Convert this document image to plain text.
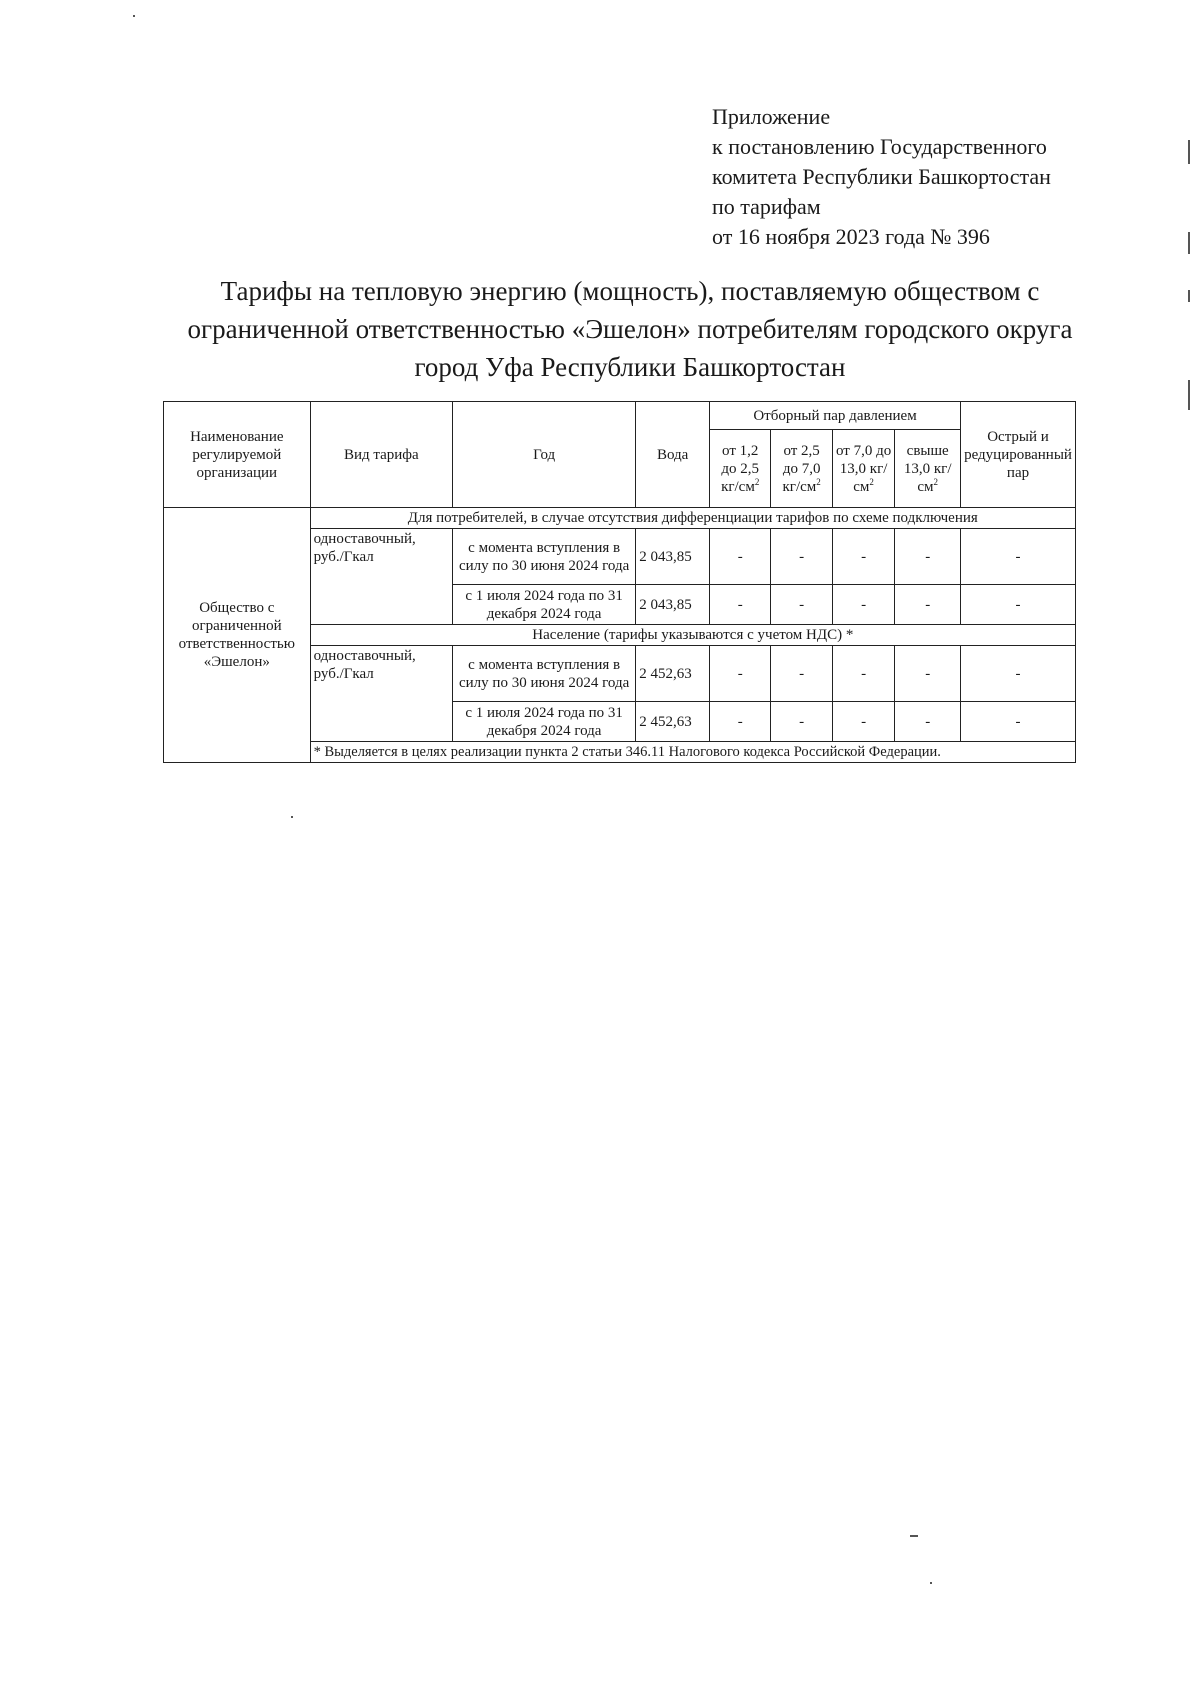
Приложение
к постановлению Государственного
комитета Республики Башкортостан
по тарифам
от 16 ноября 2023 года № 396
Тарифы на тепловую энергию (мощность), поставляемую обществом с
ограниченной ответственностью «Эшелон» потребителям городского округа
город Уфа Республики Башкортостан
Наименование регулируемой организации	Вид тарифа	Год	Вода	Отборный пар давлением				Острый и редуцированный пар
				от 1,2 до 2,5 $кг/см^2$	от 2,5 до 7,0 $кг/см^2$	от 7,0 до 13,0 $кг/см^2$	свыше 13,0 $кг/см^2$
Общество с ограниченной ответственностью «Эшелон»	Для потребителей, в случае отсутствия дифференциации тарифов по схеме подключения							
	одноставочный, руб./Гкал	с момента вступления в силу по 30 июня 2024 года	2 043,85	-	-	-	-	-
		с 1 июля 2024 года по 31 декабря 2024 года	2 043,85	-	-	-	-	-
	Население (тарифы указываются с учетом НДС) *							
	одноставочный, руб./Гкал	с момента вступления в силу по 30 июня 2024 года	2 452,63	-	-	-	-	-
		с 1 июля 2024 года по 31 декабря 2024 года	2 452,63	-	-	-	-	-
	* Выделяется в целях реализации пункта 2 статьи 346.11 Налогового кодекса Российской Федерации.							
